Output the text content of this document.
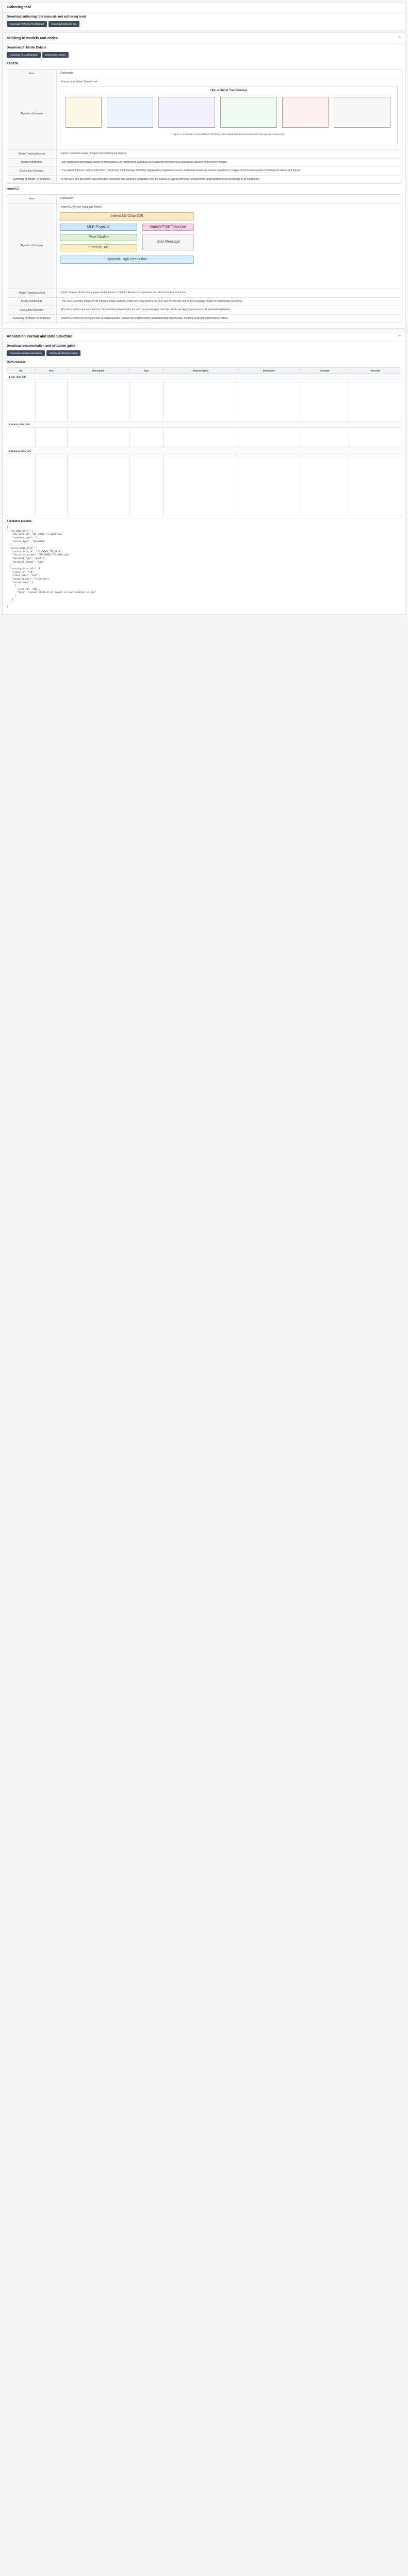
authoring tool
Download authoring tool manuals and authoring tools
Download Authoring Tool Manual	Download authoring tool
Utilizing AI models and codes	⌃
Download AI Model Details
Download AI Model Details	Download AI Model
RT-DETR
Item	Explanation
Algorithm Overview
- Hierarchical Vision Transformer
Hierarchical Transformer
Figure 1: Architecture of Hierarchical Transformer with Spatial Multi-Head Attention and Task-specific Components
Model Training Method	- Input: Document image / Output: Detected layout regions
Model Architecture	- Self-supervised pretraining based on Hierarchical ViT architecture with dual-level attention between local and global patches of document images.
Evaluation Indicators	- The pretraining loss metrics follow the Transformer methodology of ViTDet. Aggregating objectness scores, multi-task heads are trained on a diverse corpus of document layouts including text, tables and figures.
Summary of Model Performance	- In the case of a document area detection, bounding box accuracy evaluated over ten classes of layout elements exceeded the target performance thresholds in all categories.
InternVL2
Item	Explanation
Algorithm Overview
- InternVL2 (Vision-Language Model)
InternLM2-Chat-20B
MLP Projector	InternViT-6B Tokenizer
Pixel Shuffle
User Message
InternViT-6B
Dynamic High Resolution
Model Training Method	- Input: Images of document pages and questions / Output: Answers to questions and structured text extraction
Model Architecture	- The visual encoder InternViT-6B extracts image features, which are projected via an MLP and fed into the InternLM2 language model for multimodal reasoning.
Evaluation Indicators	- Accuracy metrics are computed on the question-answer pairs for each document type, and the results are aggregated across all evaluation datasets.
Summary of Model Performance	- InternVL2 achieved strong results on visual question answering and document understanding benchmarks, meeting all target performance criteria.
Annotation Format and Data Structure	⌃
Download documentation and utilization guide
Download Data Documentation	Download Utilization Guide
JSON structure
No.	Item	Description	Type	Required (Y/N)	Description	Example	Remarks
1. raw_data_info							

2. source_data_info							

3. learning_data_info							

Annotation Example
{
"raw_data_info": {
"raw_data_id": "RW_CNSWS_TTS_0010.hwp",
"lawmaker_name": "",
"source_type": "document"
},
"source_data_info": {
"source_data_id": "SD_CNSWS_TTS_0010",
"source_data_name": "SD_CNSWS_TTS_0010.png",
"document_type": "public",
"document_format": "png"
},
"learning_data_info": {
"class_id": "TR",
"class_name": "Text",
"bounding_box": ["location"],
"annotations": [
{
"area_id": "001",
"text": "Annual statistical report on environmental policy"
}
]
}
}
